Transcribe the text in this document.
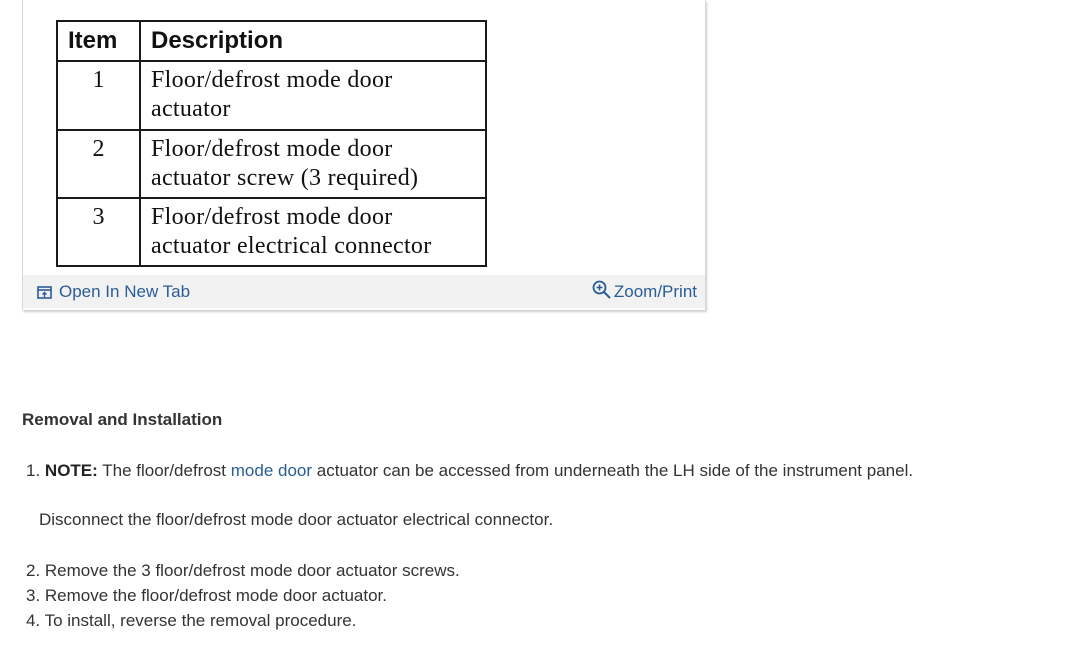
Item	Description
1	Floor/defrost mode door
actuator

2	Floor/defrost mode door
actuator screw (3 required)

3	Floor/defrost mode door
actuator electrical connector
Open In New Tab	Zoom/Print
Removal and Installation
1. NOTE: The floor/defrost mode door actuator can be accessed from underneath the LH side of the instrument panel.
Disconnect the floor/defrost mode door actuator electrical connector.
2. Remove the 3 floor/defrost mode door actuator screws.
3. Remove the floor/defrost mode door actuator.
4. To install, reverse the removal procedure.
